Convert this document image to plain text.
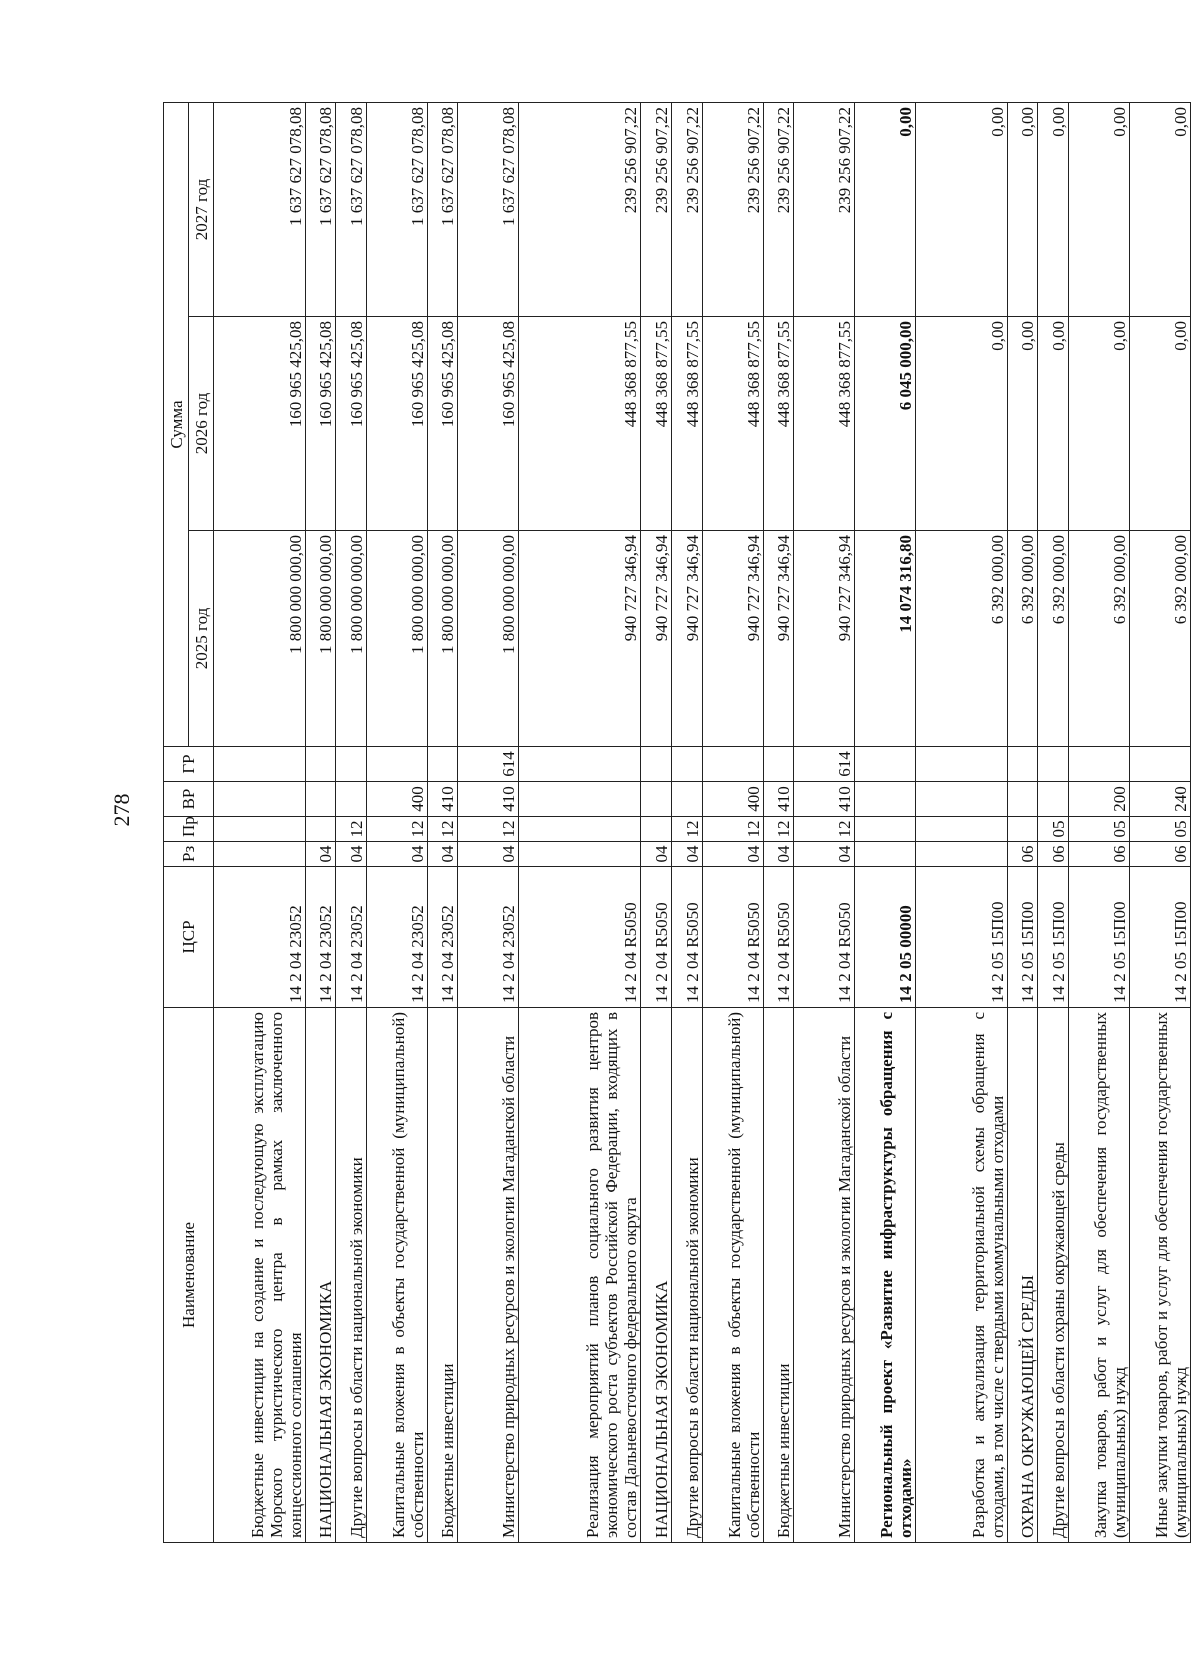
278
Наименование	ЦСР	Рз	Пр	ВР	ГР	Сумма		
						2025 год	2026 год	2027 год
Бюджетные инвестиции на создание и последующую эксплуатацию Морского туристического центра в рамках заключенного концессионного соглашения	14 2 04 23052					1 800 000 000,00	160 965 425,08	1 637 627 078,08
НАЦИОНАЛЬНАЯ ЭКОНОМИКА	14 2 04 23052	04				1 800 000 000,00	160 965 425,08	1 637 627 078,08
Другие вопросы в области национальной экономики	14 2 04 23052	04	12			1 800 000 000,00	160 965 425,08	1 637 627 078,08
Капитальные вложения в объекты государственной (муниципальной) собственности	14 2 04 23052	04	12	400		1 800 000 000,00	160 965 425,08	1 637 627 078,08
Бюджетные инвестиции	14 2 04 23052	04	12	410		1 800 000 000,00	160 965 425,08	1 637 627 078,08
Министерство природных ресурсов и экологии Магаданской области	14 2 04 23052	04	12	410	614	1 800 000 000,00	160 965 425,08	1 637 627 078,08
Реализация мероприятий планов социального развития центров экономического роста субъектов Российской Федерации, входящих в состав Дальневосточного федерального округа	14 2 04 R5050					940 727 346,94	448 368 877,55	239 256 907,22
НАЦИОНАЛЬНАЯ ЭКОНОМИКА	14 2 04 R5050	04				940 727 346,94	448 368 877,55	239 256 907,22
Другие вопросы в области национальной экономики	14 2 04 R5050	04	12			940 727 346,94	448 368 877,55	239 256 907,22
Капитальные вложения в объекты государственной (муниципальной) собственности	14 2 04 R5050	04	12	400		940 727 346,94	448 368 877,55	239 256 907,22
Бюджетные инвестиции	14 2 04 R5050	04	12	410		940 727 346,94	448 368 877,55	239 256 907,22
Министерство природных ресурсов и экологии Магаданской области	14 2 04 R5050	04	12	410	614	940 727 346,94	448 368 877,55	239 256 907,22
Региональный проект «Развитие инфраструктуры обращения с отходами»	14 2 05 00000					14 074 316,80	6 045 000,00	0,00
Разработка и актуализация территориальной схемы обращения с отходами, в том числе с твердыми коммунальными отходами	14 2 05 15П00					6 392 000,00	0,00	0,00
ОХРАНА ОКРУЖАЮЩЕЙ СРЕДЫ	14 2 05 15П00	06				6 392 000,00	0,00	0,00
Другие вопросы в области охраны окружающей среды	14 2 05 15П00	06	05			6 392 000,00	0,00	0,00
Закупка товаров, работ и услуг для обеспечения государственных (муниципальных) нужд	14 2 05 15П00	06	05	200		6 392 000,00	0,00	0,00
Иные закупки товаров, работ и услуг для обеспечения государственных (муниципальных) нужд	14 2 05 15П00	06	05	240		6 392 000,00	0,00	0,00
